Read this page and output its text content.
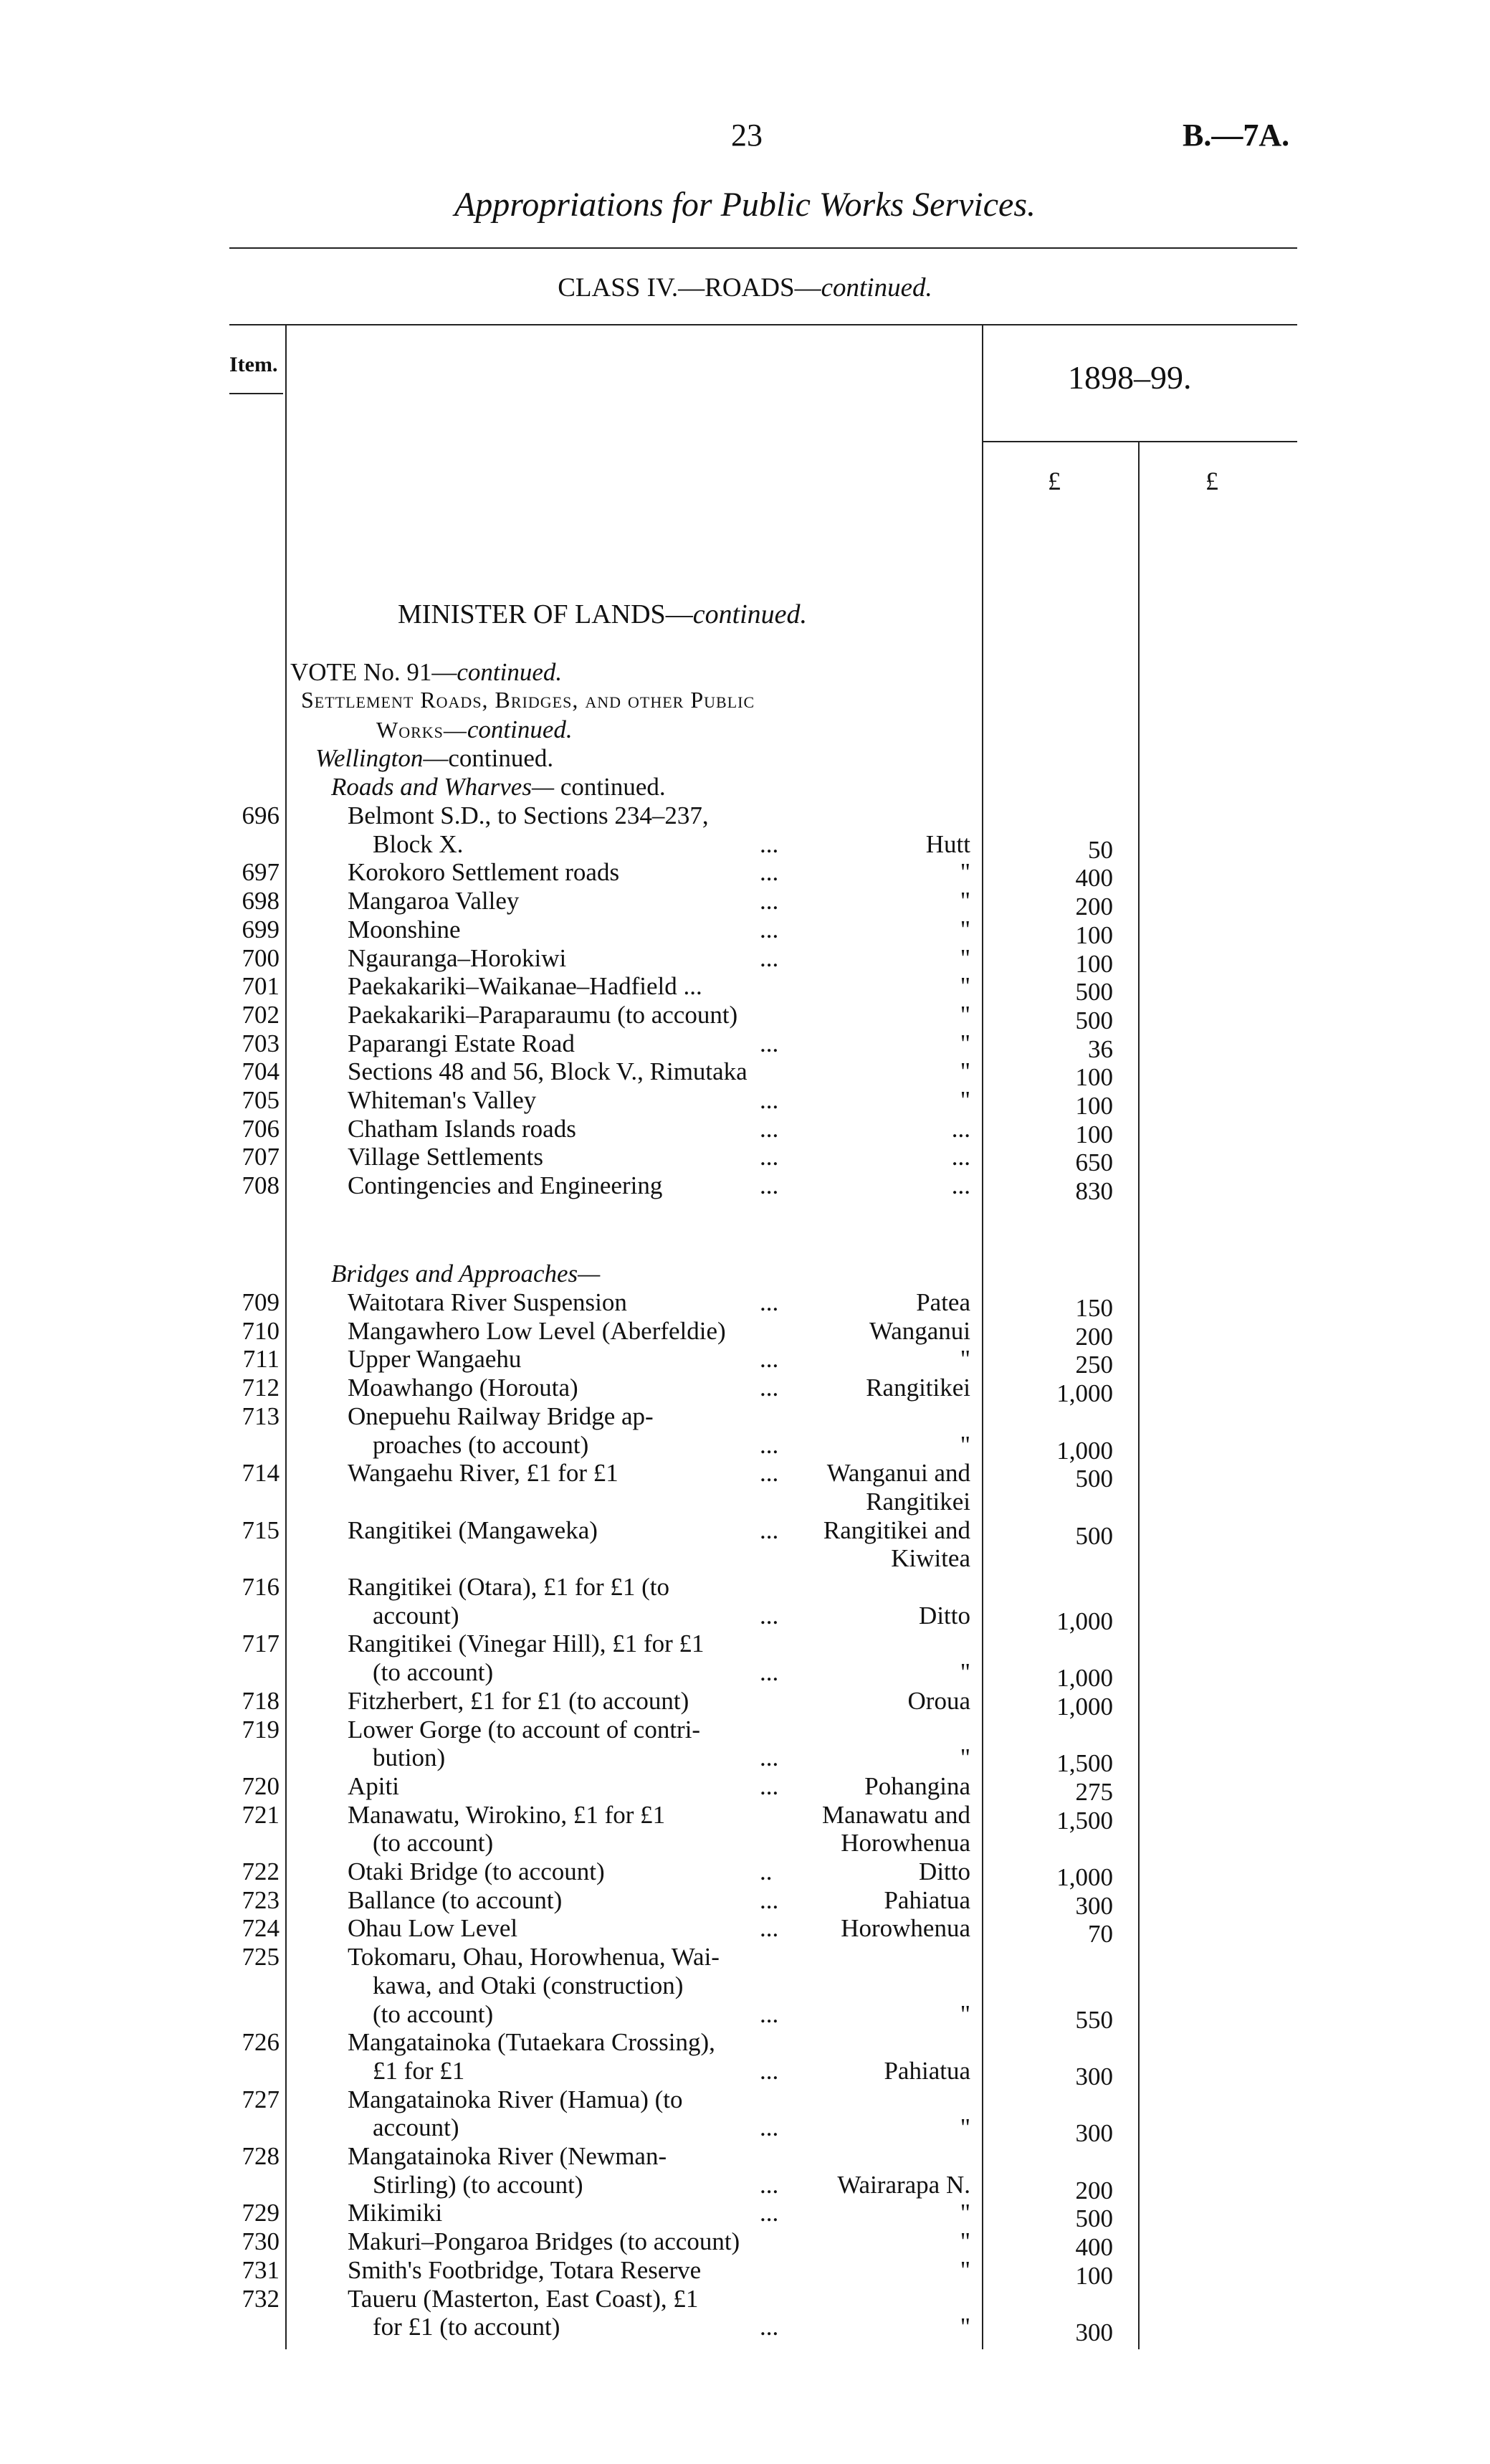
23	B.—7A.
Appropriations for Public Works Services.
CLASS IV.—ROADS—continued.
Item.	1898–99.
£	£
MINISTER OF LANDS—continued.
VOTE No. 91—continued.
Settlement Roads, Bridges, and other Public
Works—continued.
Wellington—continued.
Roads and Wharves— continued.
696	Belmont S.D., to Sections 234–237,
Block X.	...	Hutt	50
697	Korokoro Settlement roads	...	"	400
698	Mangaroa Valley	...	"	200
699	Moonshine	...	"	100
700	Ngauranga–Horokiwi	...	"	100
701	Paekakariki–Waikanae–Hadfield ...	"	500
702	Paekakariki–Paraparaumu (to account)	"	500
703	Paparangi Estate Road	...	"	36
704	Sections 48 and 56, Block V., Rimutaka	"	100
705	Whiteman's Valley	...	"	100
706	Chatham Islands roads	...	...	100
707	Village Settlements	...	...	650
708	Contingencies and Engineering	...	...	830
Bridges and Approaches—
709	Waitotara River Suspension	...	Patea	150
710	Mangawhero Low Level (Aberfeldie)	Wanganui	200
711	Upper Wangaehu	...	"	250
712	Moawhango (Horouta)	...	Rangitikei	1,000
713	Onepuehu Railway Bridge ap-
proaches (to account)	...	"	1,000
714	Wangaehu River, £1 for £1	...	Wanganui and	500
Rangitikei
715	Rangitikei (Mangaweka)	...	Rangitikei and	500
Kiwitea
716	Rangitikei (Otara), £1 for £1 (to
account)	...	Ditto	1,000
717	Rangitikei (Vinegar Hill), £1 for £1
(to account)	...	"	1,000
718	Fitzherbert, £1 for £1 (to account)	Oroua	1,000
719	Lower Gorge (to account of contri-
bution)	...	"	1,500
720	Apiti	...	Pohangina	275
721	Manawatu, Wirokino, £1 for £1	Manawatu and	1,500
(to account)	Horowhenua
722	Otaki Bridge (to account)	..	Ditto	1,000
723	Ballance (to account)	...	Pahiatua	300
724	Ohau Low Level	...	Horowhenua	70
725	Tokomaru, Ohau, Horowhenua, Wai-
kawa, and Otaki (construction)
(to account)	...	"	550
726	Mangatainoka (Tutaekara Crossing),
£1 for £1	...	Pahiatua	300
727	Mangatainoka River (Hamua) (to
account)	...	"	300
728	Mangatainoka River (Newman-
Stirling) (to account)	...	Wairarapa N.	200
729	Mikimiki	...	"	500
730	Makuri–Pongaroa Bridges (to account)	"	400
731	Smith's Footbridge, Totara Reserve	"	100
732	Taueru (Masterton, East Coast), £1
for £1 (to account)	...	"	300
